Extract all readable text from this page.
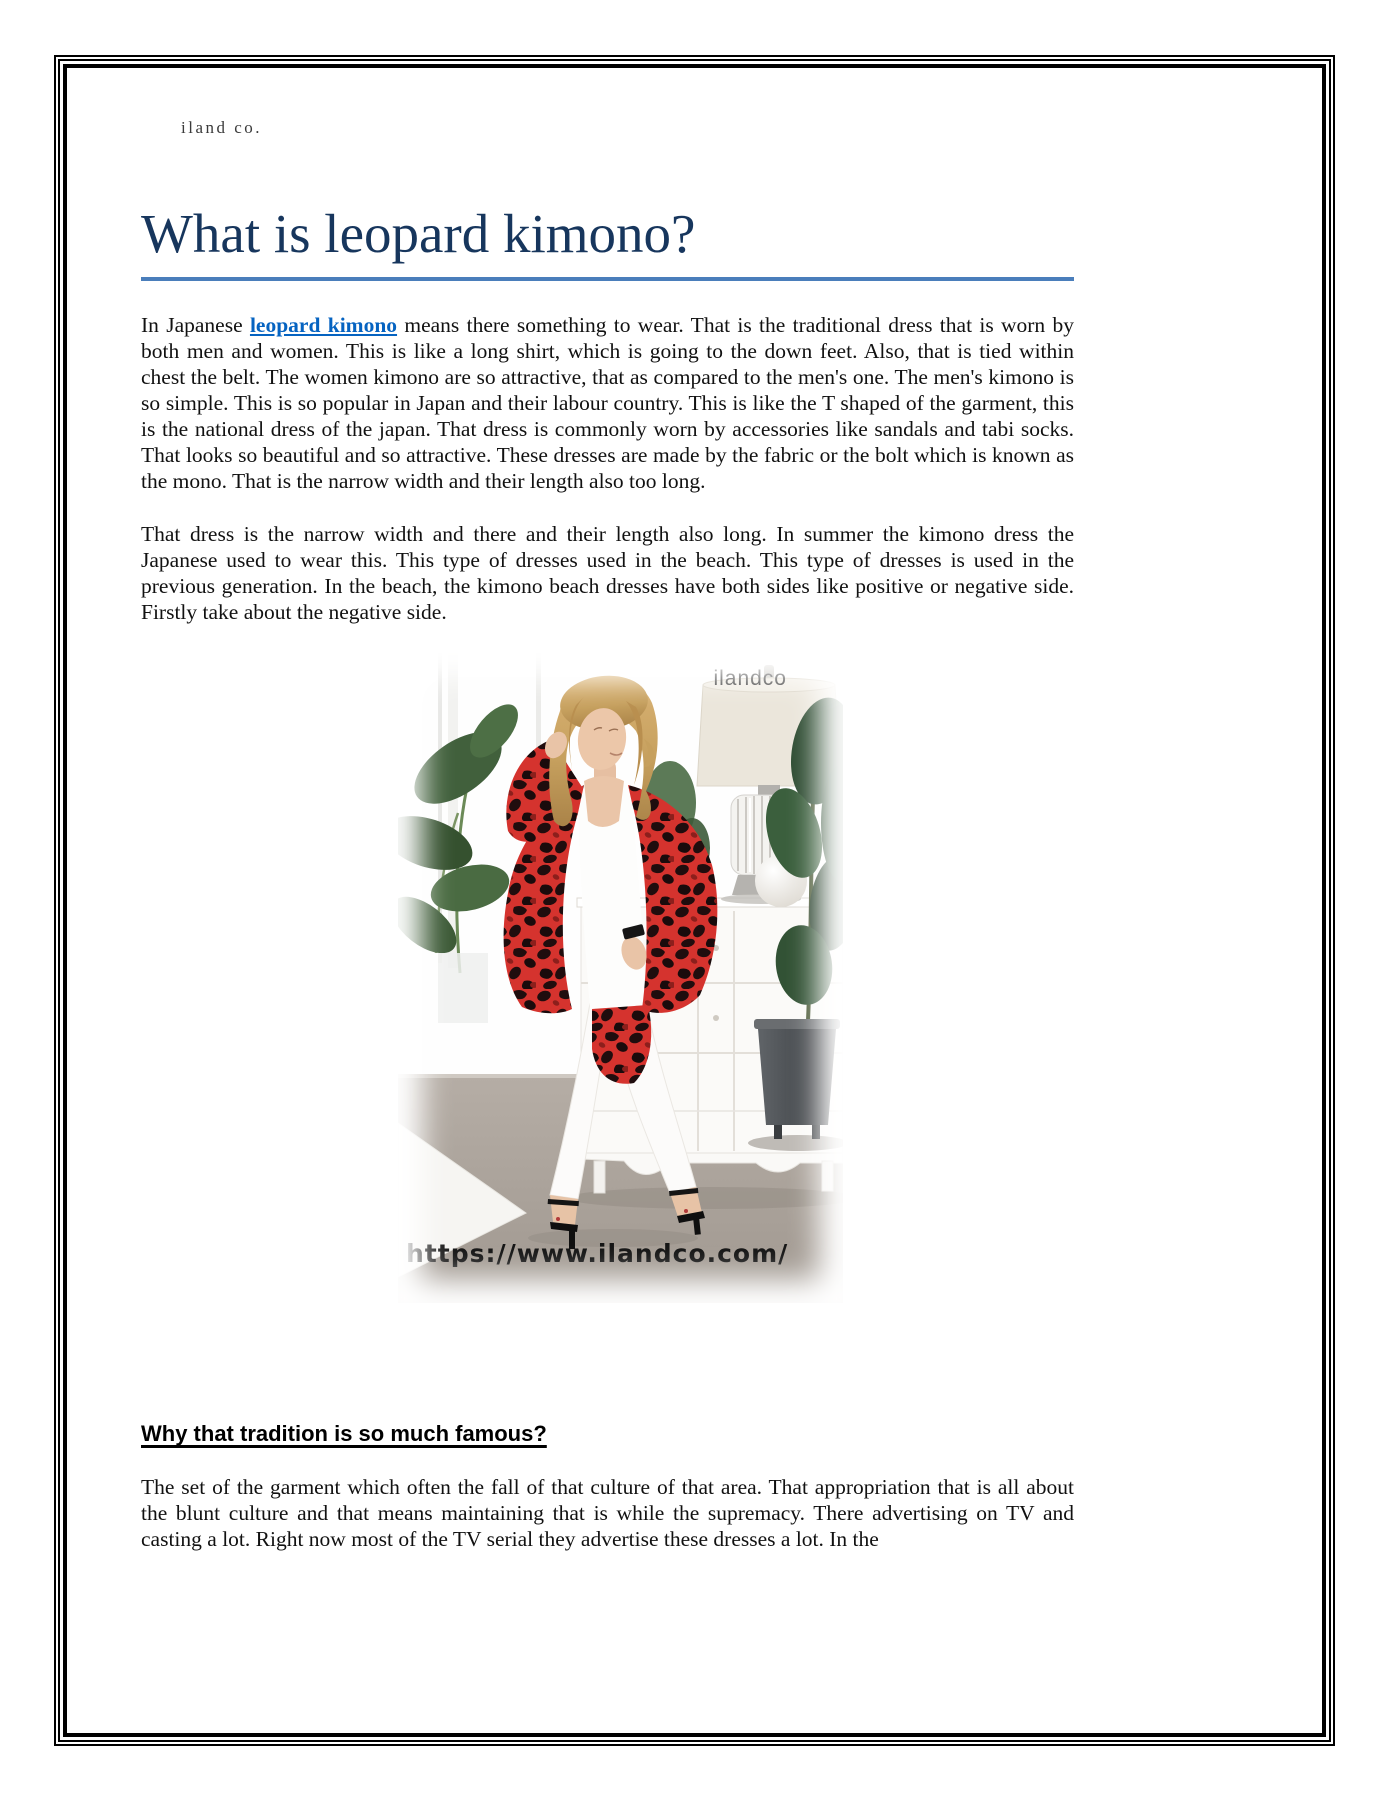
iland co.
What is leopard kimono?

In Japanese leopard kimono means there something to wear. That is the traditional dress that is worn by both men and women. This is like a long shirt, which is going to the down feet. Also, that is tied within chest the belt. The women kimono are so attractive, that as compared to the men's one. The men's kimono is so simple. This is so popular in Japan and their labour country. This is like the T shaped of the garment, this is the national dress of the japan. That dress is commonly worn by accessories like sandals and tabi socks. That looks so beautiful and so attractive. These dresses are made by the fabric or the bolt which is known as the mono. That is the narrow width and their length also too long.

That dress is the narrow width and there and their length also long. In summer the kimono dress the Japanese used to wear this. This type of dresses used in the beach. This type of dresses is used in the previous generation. In the beach, the kimono beach dresses have both sides like positive or negative side. Firstly take about the negative side.

ilandco
https://www.ilandco.com/
Why that tradition is so much famous?

The set of the garment which often the fall of that culture of that area. That appropriation that is all about the blunt culture and that means maintaining that is while the supremacy. There advertising on TV and casting a lot. Right now most of the TV serial they advertise these dresses a lot. In the
